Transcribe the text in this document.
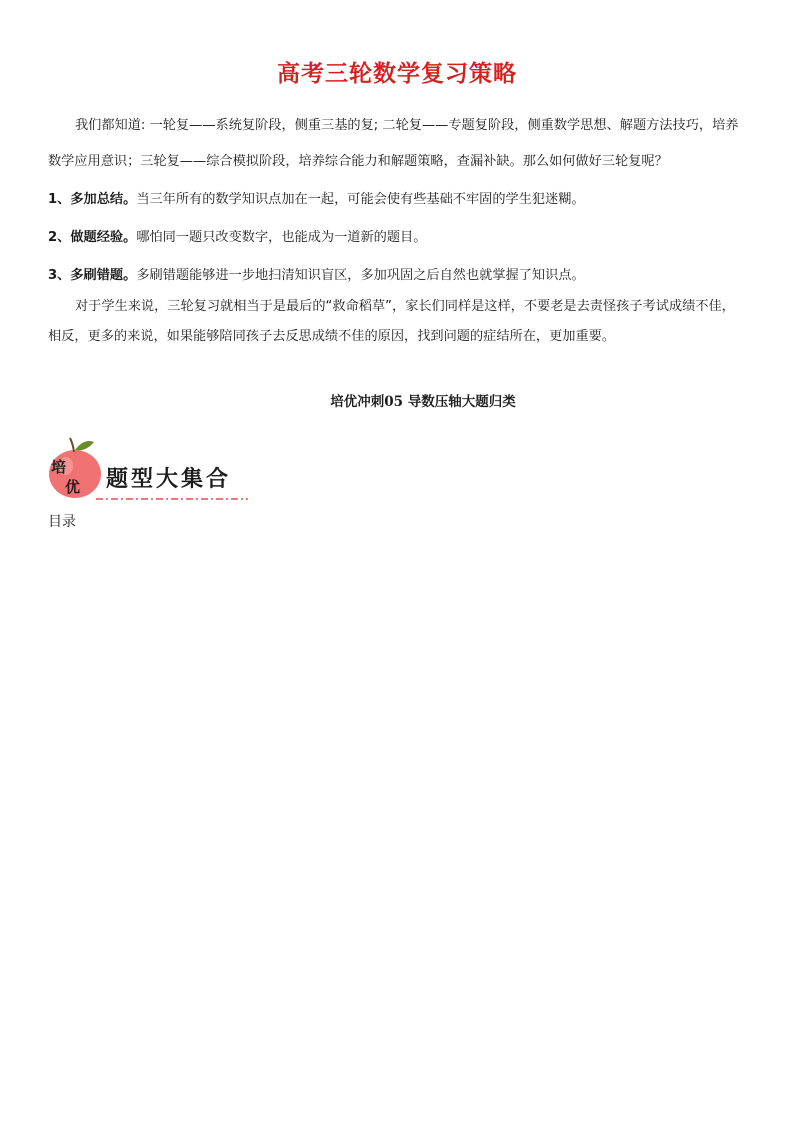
高考三轮数学复习策略

我们都知道: 一轮复——系统复阶段，侧重三基的复; 二轮复——专题复阶段，侧重数学思想、解题方法技巧，培养数学应用意识；三轮复——综合模拟阶段，培养综合能力和解题策略，查漏补缺。那么如何做好三轮复呢？

1、多加总结。当三年所有的数学知识点加在一起，可能会使有些基础不牢固的学生犯迷糊。

2、做题经验。哪怕同一题只改变数字，也能成为一道新的题目。

3、多刷错题。多刷错题能够进一步地扫清知识盲区，多加巩固之后自然也就掌握了知识点。

对于学生来说，三轮复习就相当于是最后的“救命稻草”，家长们同样是这样，不要老是去责怪孩子考试成绩不佳，相反，更多的来说，如果能够陪同孩子去反思成绩不佳的原因，找到问题的症结所在，更加重要。

培优冲刺05 导数压轴大题归类
培
优 题型大集合
目录
